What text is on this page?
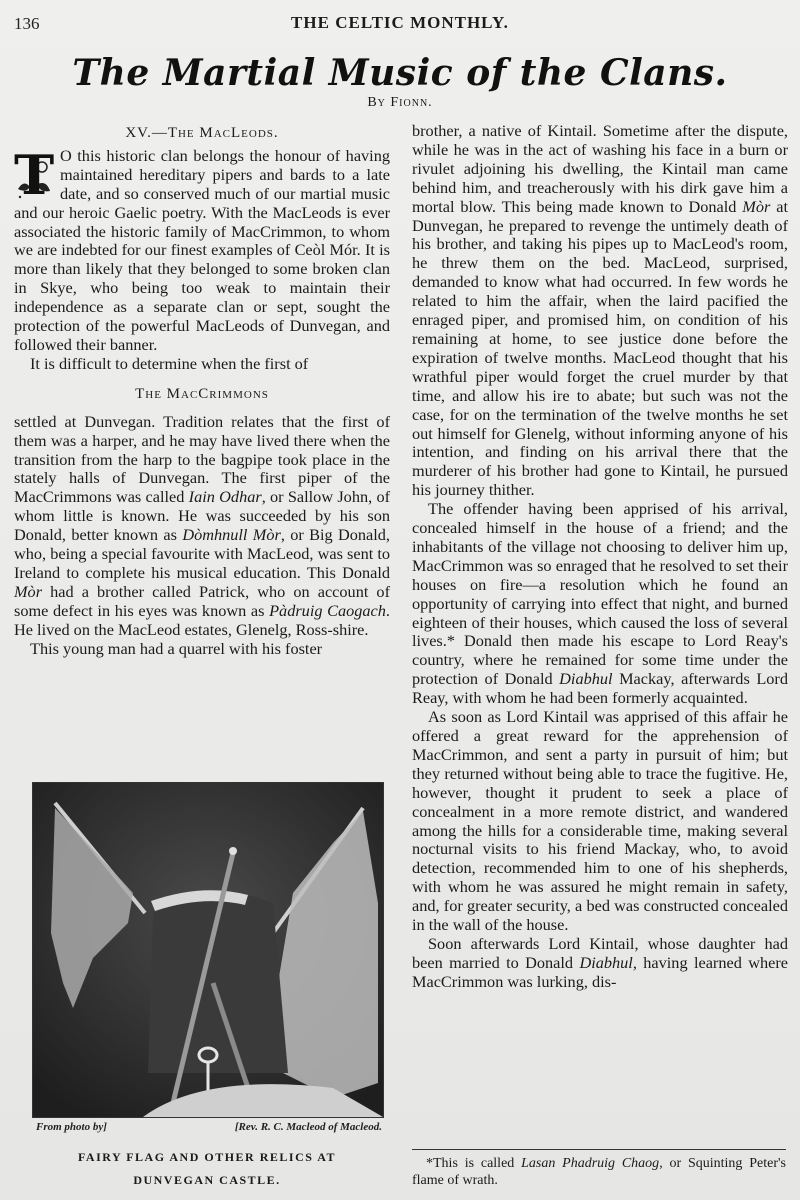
136	THE CELTIC MONTHLY.
The Martial Music of the Clans.
By Fionn.
XV.—The MacLeods.

T O this historic clan belongs the honour of having maintained hereditary pipers and bards to a late date, and so conserved much of our martial music and our heroic Gaelic poetry. With the MacLeods is ever associated the historic family of MacCrimmon, to whom we are indebted for our finest examples of Ceòl Mór. It is more than likely that they belonged to some broken clan in Skye, who being too weak to maintain their independence as a separate clan or sept, sought the protection of the powerful MacLeods of Dunvegan, and followed their banner.

It is difficult to determine when the first of

The MacCrimmons

settled at Dunvegan. Tradition relates that the first of them was a harper, and he may have lived there when the transition from the harp to the bagpipe took place in the stately halls of Dunvegan. The first piper of the MacCrimmons was called Iain Odhar, or Sallow John, of whom little is known. He was succeeded by his son Donald, better known as Dòmhnull Mòr, or Big Donald, who, being a special favourite with MacLeod, was sent to Ireland to complete his musical education. This Donald Mòr had a brother called Patrick, who on account of some defect in his eyes was known as Pàdruig Caogach. He lived on the MacLeod estates, Glenelg, Ross-shire.

This young man had a quarrel with his foster

From photo by]	[Rev. R. C. Macleod of Macleod.
FAIRY FLAG AND OTHER RELICS AT
DUNVEGAN CASTLE.

brother, a native of Kintail. Sometime after the dispute, while he was in the act of washing his face in a burn or rivulet adjoining his dwelling, the Kintail man came behind him, and treacherously with his dirk gave him a mortal blow. This being made known to Donald Mòr at Dunvegan, he prepared to revenge the untimely death of his brother, and taking his pipes up to MacLeod's room, he threw them on the bed. MacLeod, surprised, demanded to know what had occurred. In few words he related to him the affair, when the laird pacified the enraged piper, and promised him, on condition of his remaining at home, to see justice done before the expiration of twelve months. MacLeod thought that his wrathful piper would forget the cruel murder by that time, and allow his ire to abate; but such was not the case, for on the termination of the twelve months he set out himself for Glenelg, without informing anyone of his intention, and finding on his arrival there that the murderer of his brother had gone to Kintail, he pursued his journey thither.

The offender having been apprised of his arrival, concealed himself in the house of a friend; and the inhabitants of the village not choosing to deliver him up, MacCrimmon was so enraged that he resolved to set their houses on fire—a resolution which he found an opportunity of carrying into effect that night, and burned eighteen of their houses, which caused the loss of several lives.* Donald then made his escape to Lord Reay's country, where he remained for some time under the protection of Donald Diabhul Mackay, afterwards Lord Reay, with whom he had been formerly acquainted.

As soon as Lord Kintail was apprised of this affair he offered a great reward for the apprehension of MacCrimmon, and sent a party in pursuit of him; but they returned without being able to trace the fugitive. He, however, thought it prudent to seek a place of concealment in a more remote district, and wandered among the hills for a considerable time, making several nocturnal visits to his friend Mackay, who, to avoid detection, recommended him to one of his shepherds, with whom he was assured he might remain in safety, and, for greater security, a bed was constructed concealed in the wall of the house.

Soon afterwards Lord Kintail, whose daughter had been married to Donald Diabhul, having learned where MacCrimmon was lurking, dis-

*This is called Lasan Phadruig Chaog, or Squinting Peter's flame of wrath.
